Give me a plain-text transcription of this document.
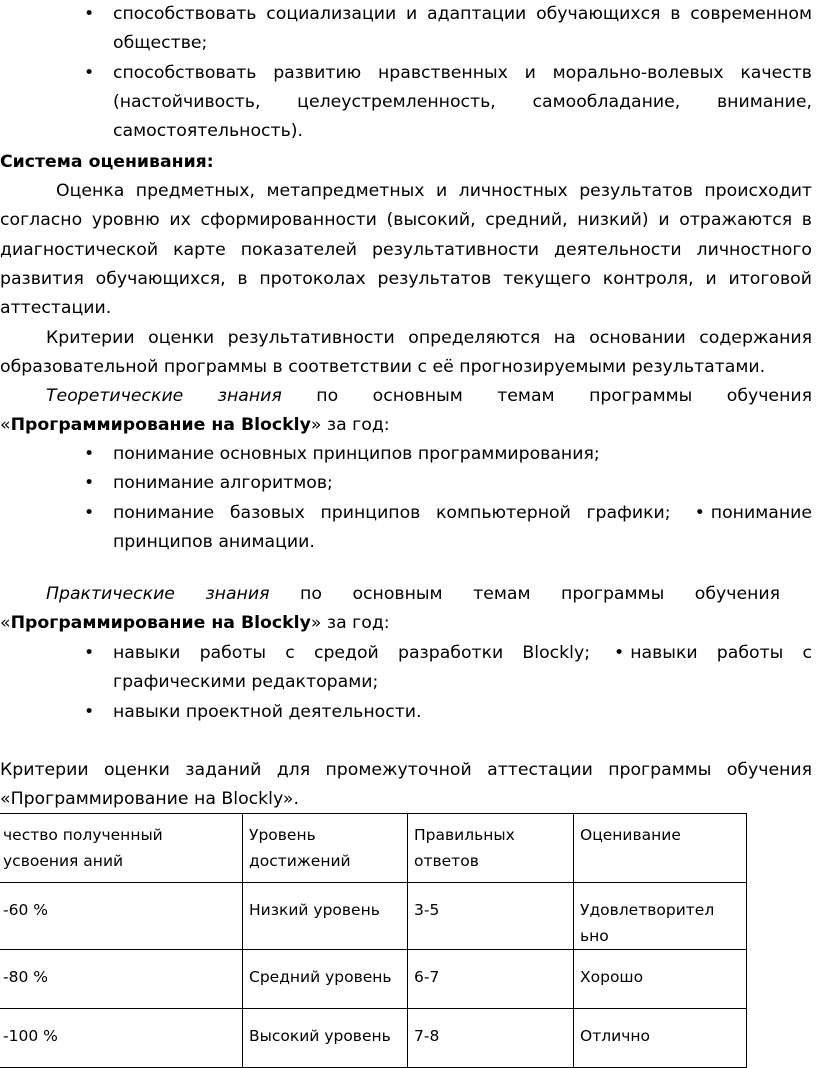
• способствовать социализации и адаптации обучающихся в современном обществе;
• способствовать развитию нравственных и морально-волевых качеств (настойчивость, целеустремленность, самообладание, внимание, самостоятельность).
Система оценивания:
Оценка предметных, метапредметных и личностных результатов происходит согласно уровню их сформированности (высокий, средний, низкий) и отражаются в диагностической карте показателей результативности деятельности личностного развития обучающихся, в протоколах результатов текущего контроля, и итоговой аттестации.
Критерии оценки результативности определяются на основании содержания образовательной программы в соответствии с её прогнозируемыми результатами.
Теоретические знания по основным темам программы обучения
«Программирование на Blockly» за год:
• понимание основных принципов программирования;
• понимание алгоритмов;
• понимание базовых принципов компьютерной графики; • понимание принципов анимации.
Практические знания по основным темам программы обучения
«Программирование на Blockly» за год:
• навыки работы с средой разработки Blockly; • навыки работы с графическими редакторами;
• навыки проектной деятельности.
Критерии оценки заданий для промежуточной аттестации программы обучения «Программирование на Blockly».
чество полученный усвоения аний	Уровень достижений	Правильных ответов	Оценивание
-60 %	Низкий уровень	3-5	Удовлетворител ьно
-80 %	Средний уровень	6-7	Хорошо
-100 %	Высокий уровень	7-8	Отлично
